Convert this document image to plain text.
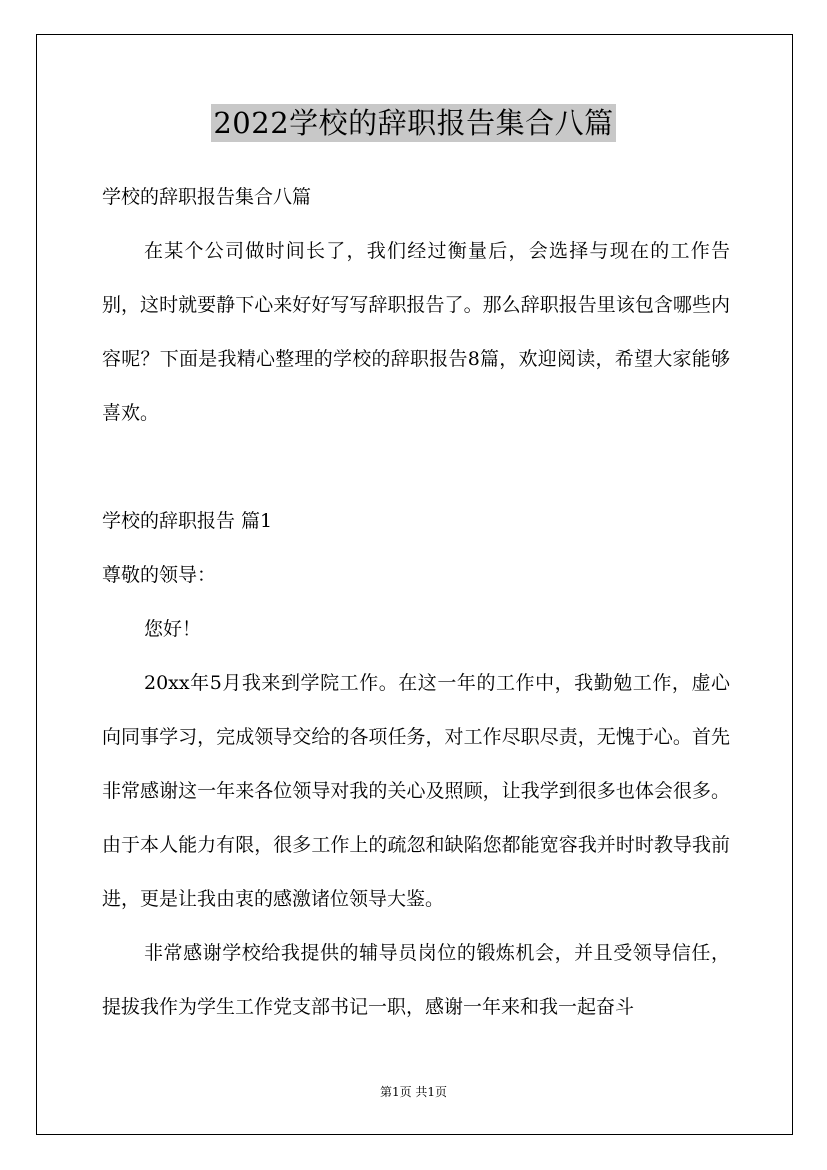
2022学校的辞职报告集合八篇

学校的辞职报告集合八篇

在某个公司做时间长了，我们经过衡量后，会选择与现在的工作告别，这时就要静下心来好好写写辞职报告了。那么辞职报告里该包含哪些内容呢？下面是我精心整理的学校的辞职报告8篇，欢迎阅读，希望大家能够喜欢。

学校的辞职报告 篇1

尊敬的领导：

您好！

20xx年5月我来到学院工作。在这一年的工作中，我勤勉工作，虚心向同事学习，完成领导交给的各项任务，对工作尽职尽责，无愧于心。首先非常感谢这一年来各位领导对我的关心及照顾，让我学到很多也体会很多。由于本人能力有限，很多工作上的疏忽和缺陷您都能宽容我并时时教导我前进，更是让我由衷的感激诸位领导大鉴。

非常感谢学校给我提供的辅导员岗位的锻炼机会，并且受领导信任，提拔我作为学生工作党支部书记一职，感谢一年来和我一起奋斗

第1页 共1页
